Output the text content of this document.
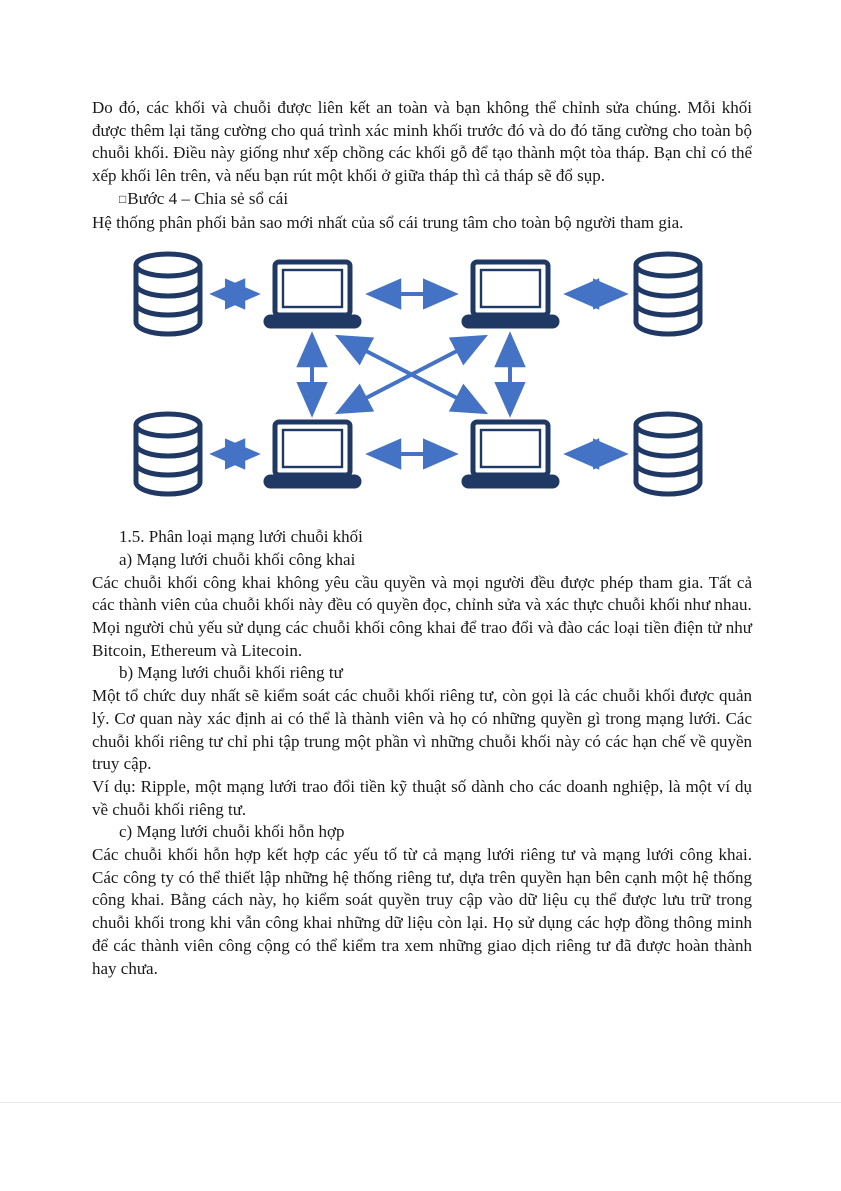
Do đó, các khối và chuỗi được liên kết an toàn và bạn không thể chỉnh sửa chúng. Mỗi khối được thêm lại tăng cường cho quá trình xác minh khối trước đó và do đó tăng cường cho toàn bộ chuỗi khối. Điều này giống như xếp chồng các khối gỗ để tạo thành một tòa tháp. Bạn chỉ có thể xếp khối lên trên, và nếu bạn rút một khối ở giữa tháp thì cả tháp sẽ đổ sụp.

□Bước 4 – Chia sẻ sổ cái

Hệ thống phân phối bản sao mới nhất của sổ cái trung tâm cho toàn bộ người tham gia.

1.5. Phân loại mạng lưới chuỗi khối

a) Mạng lưới chuỗi khối công khai

Các chuỗi khối công khai không yêu cầu quyền và mọi người đều được phép tham gia. Tất cả các thành viên của chuỗi khối này đều có quyền đọc, chỉnh sửa và xác thực chuỗi khối như nhau.

Mọi người chủ yếu sử dụng các chuỗi khối công khai để trao đổi và đào các loại tiền điện tử như Bitcoin, Ethereum và Litecoin.

b) Mạng lưới chuỗi khối riêng tư

Một tổ chức duy nhất sẽ kiểm soát các chuỗi khối riêng tư, còn gọi là các chuỗi khối được quản lý. Cơ quan này xác định ai có thể là thành viên và họ có những quyền gì trong mạng lưới. Các chuỗi khối riêng tư chỉ phi tập trung một phần vì những chuỗi khối này có các hạn chế về quyền truy cập.

Ví dụ: Ripple, một mạng lưới trao đổi tiền kỹ thuật số dành cho các doanh nghiệp, là một ví dụ về chuỗi khối riêng tư.

c) Mạng lưới chuỗi khối hỗn hợp

Các chuỗi khối hỗn hợp kết hợp các yếu tố từ cả mạng lưới riêng tư và mạng lưới công khai. Các công ty có thể thiết lập những hệ thống riêng tư, dựa trên quyền hạn bên cạnh một hệ thống công khai. Bằng cách này, họ kiểm soát quyền truy cập vào dữ liệu cụ thể được lưu trữ trong chuỗi khối trong khi vẫn công khai những dữ liệu còn lại. Họ sử dụng các hợp đồng thông minh để các thành viên công cộng có thể kiểm tra xem những giao dịch riêng tư đã được hoàn thành hay chưa.
